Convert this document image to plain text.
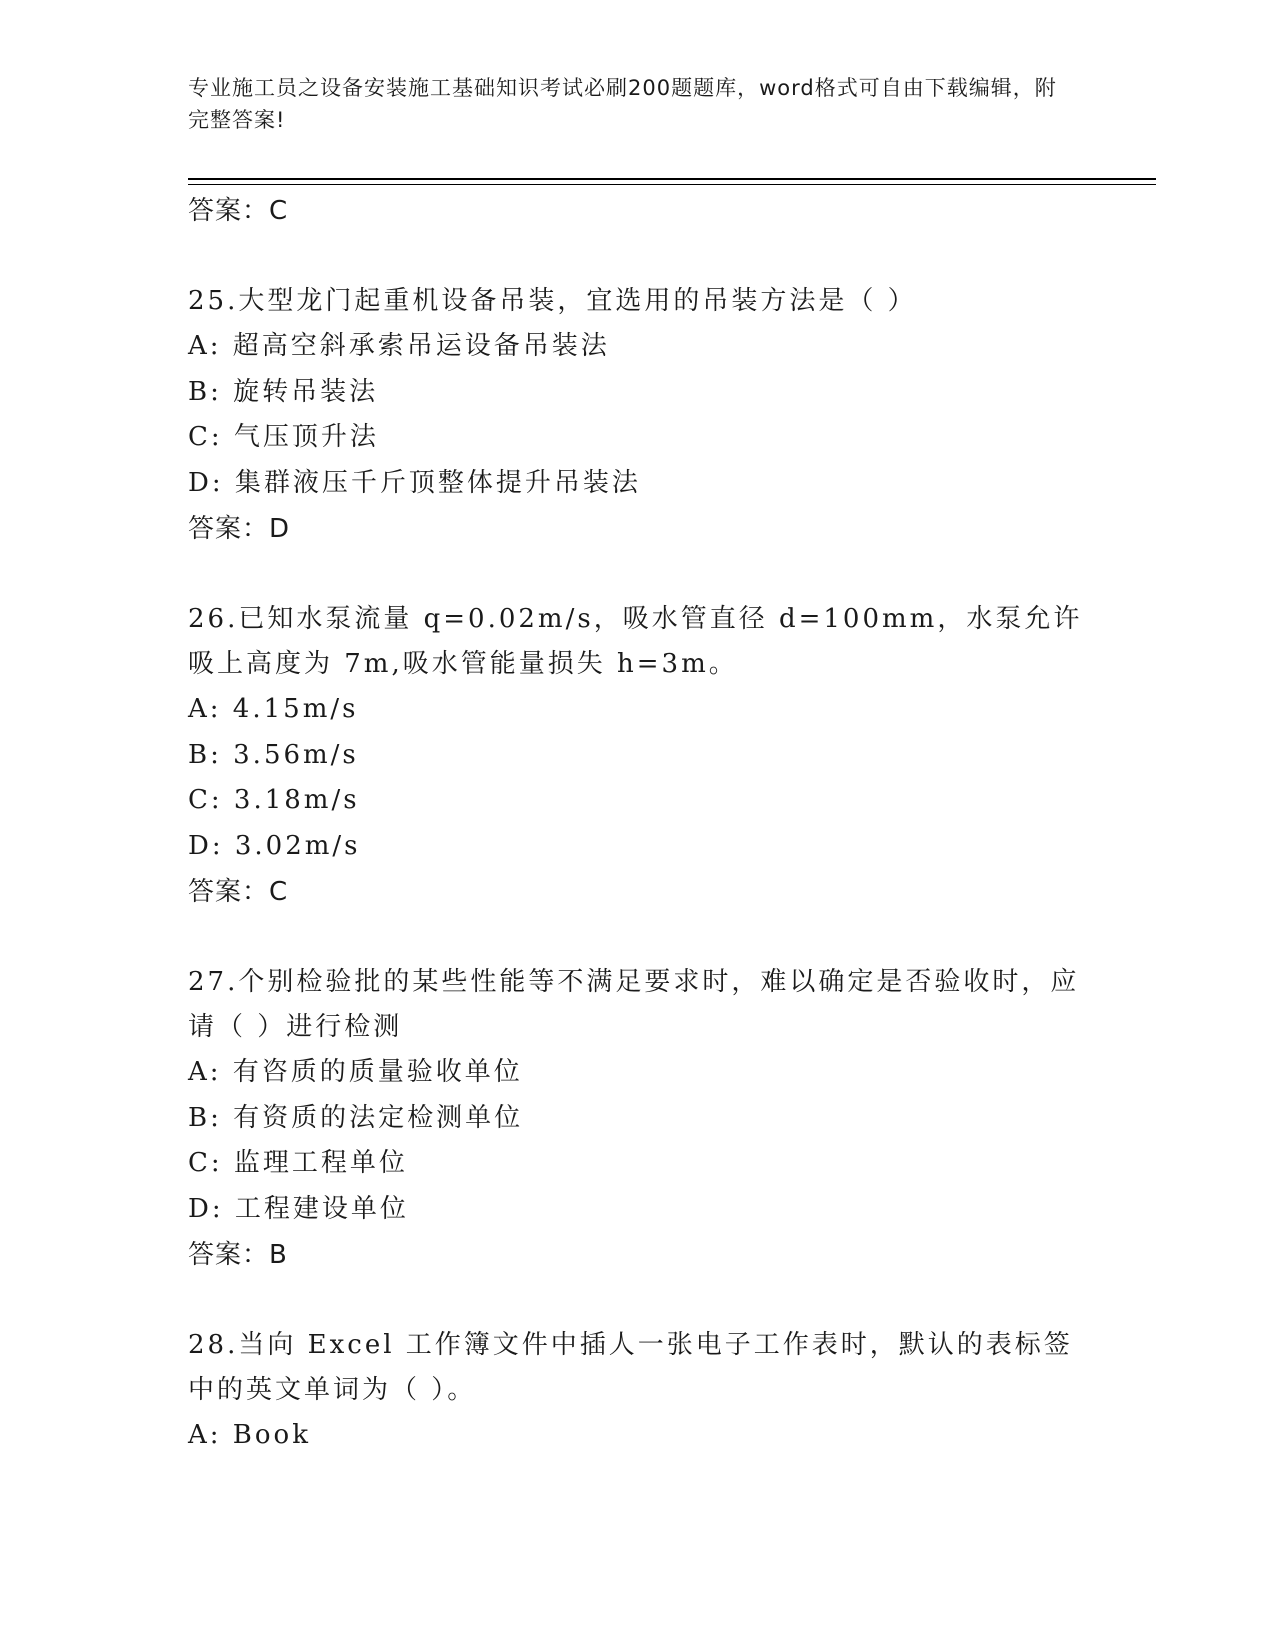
专业施工员之设备安装施工基础知识考试必刷200题题库，word格式可自由下载编辑，附完整答案!
答案：C
25.大型龙门起重机设备吊装，宜选用的吊装方法是（ ）
A: 超高空斜承索吊运设备吊装法
B: 旋转吊装法
C: 气压顶升法
D: 集群液压千斤顶整体提升吊装法
答案：D
26.已知水泵流量 q=0.02m/s，吸水管直径 d=100mm，水泵允许吸上高度为 7m,吸水管能量损失 h=3m。
A: 4.15m/s
B: 3.56m/s
C: 3.18m/s
D: 3.02m/s
答案：C
27.个别检验批的某些性能等不满足要求时，难以确定是否验收时，应请（ ）进行检测
A: 有咨质的质量验收单位
B: 有资质的法定检测单位
C: 监理工程单位
D: 工程建设单位
答案：B
28.当向 Excel 工作簿文件中插人一张电子工作表时，默认的表标签中的英文单词为（ ）。
A: Book
